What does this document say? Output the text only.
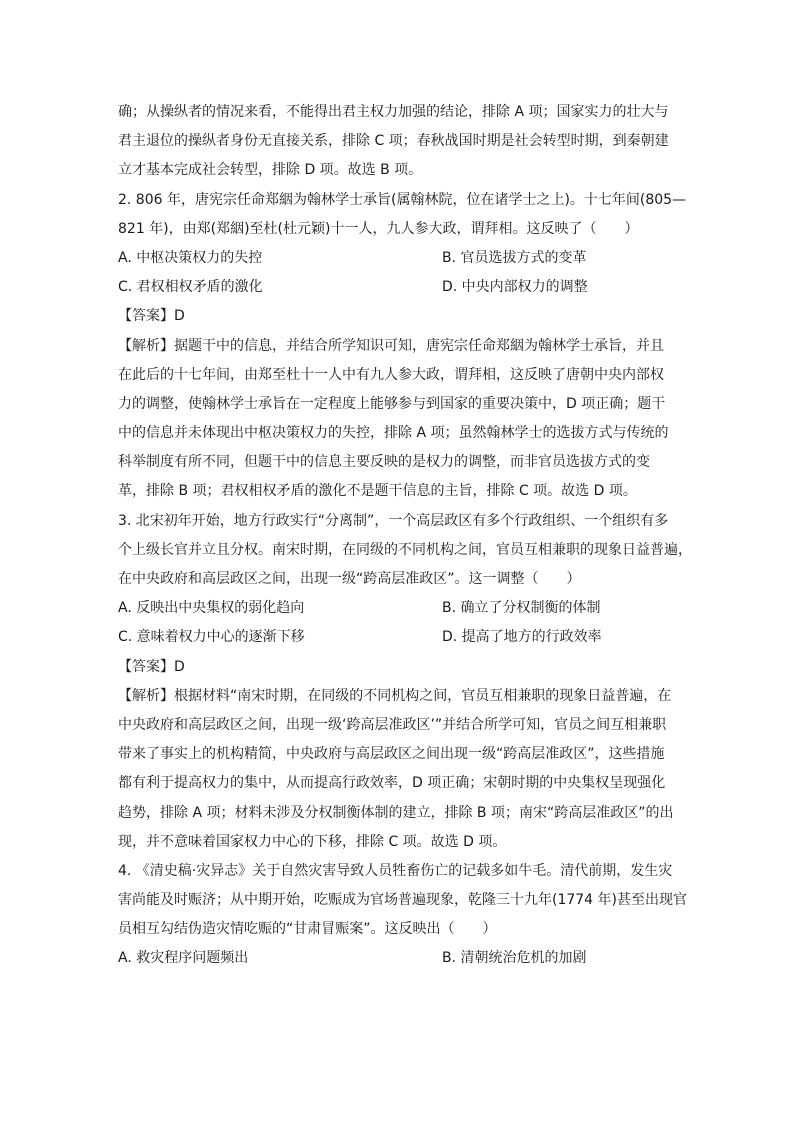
确；从操纵者的情况来看，不能得出君主权力加强的结论，排除 A 项；国家实力的壮大与
君主退位的操纵者身份无直接关系，排除 C 项；春秋战国时期是社会转型时期，到秦朝建
立才基本完成社会转型，排除 D 项。故选 B 项。
2. 806 年，唐宪宗任命郑絪为翰林学士承旨(属翰林院，位在诸学士之上)。十七年间(805—
821 年)，由郑(郑絪)至杜(杜元颖)十一人，九人参大政，谓拜相。这反映了（　　）
A. 中枢决策权力的失控	B. 官员选拔方式的变革
C. 君权相权矛盾的激化	D. 中央内部权力的调整
【答案】D
【解析】据题干中的信息，并结合所学知识可知，唐宪宗任命郑絪为翰林学士承旨，并且
在此后的十七年间，由郑至杜十一人中有九人参大政，谓拜相，这反映了唐朝中央内部权
力的调整，使翰林学士承旨在一定程度上能够参与到国家的重要决策中，D 项正确；题干
中的信息并未体现出中枢决策权力的失控，排除 A 项；虽然翰林学士的选拔方式与传统的
科举制度有所不同，但题干中的信息主要反映的是权力的调整，而非官员选拔方式的变
革，排除 B 项；君权相权矛盾的激化不是题干信息的主旨，排除 C 项。故选 D 项。
3. 北宋初年开始，地方行政实行“分离制”，一个高层政区有多个行政组织、一个组织有多
个上级长官并立且分权。南宋时期，在同级的不同机构之间，官员互相兼职的现象日益普遍，
在中央政府和高层政区之间，出现一级“跨高层准政区”。这一调整（　　）
A. 反映出中央集权的弱化趋向	B. 确立了分权制衡的体制
C. 意味着权力中心的逐渐下移	D. 提高了地方的行政效率
【答案】D
【解析】根据材料“南宋时期，在同级的不同机构之间，官员互相兼职的现象日益普遍，在
中央政府和高层政区之间，出现一级‘跨高层准政区’”并结合所学可知，官员之间互相兼职
带来了事实上的机构精简，中央政府与高层政区之间出现一级“跨高层准政区”，这些措施
都有利于提高权力的集中，从而提高行政效率，D 项正确；宋朝时期的中央集权呈现强化
趋势，排除 A 项；材料未涉及分权制衡体制的建立，排除 B 项；南宋“跨高层准政区”的出
现，并不意味着国家权力中心的下移，排除 C 项。故选 D 项。
4. 《清史稿·灾异志》关于自然灾害导致人员牲畜伤亡的记载多如牛毛。清代前期，发生灾
害尚能及时赈济；从中期开始，吃赈成为官场普遍现象，乾隆三十九年(1774 年)甚至出现官
员相互勾结伪造灾情吃赈的“甘肃冒赈案”。这反映出（　　）
A. 救灾程序问题频出	B. 清朝统治危机的加剧
